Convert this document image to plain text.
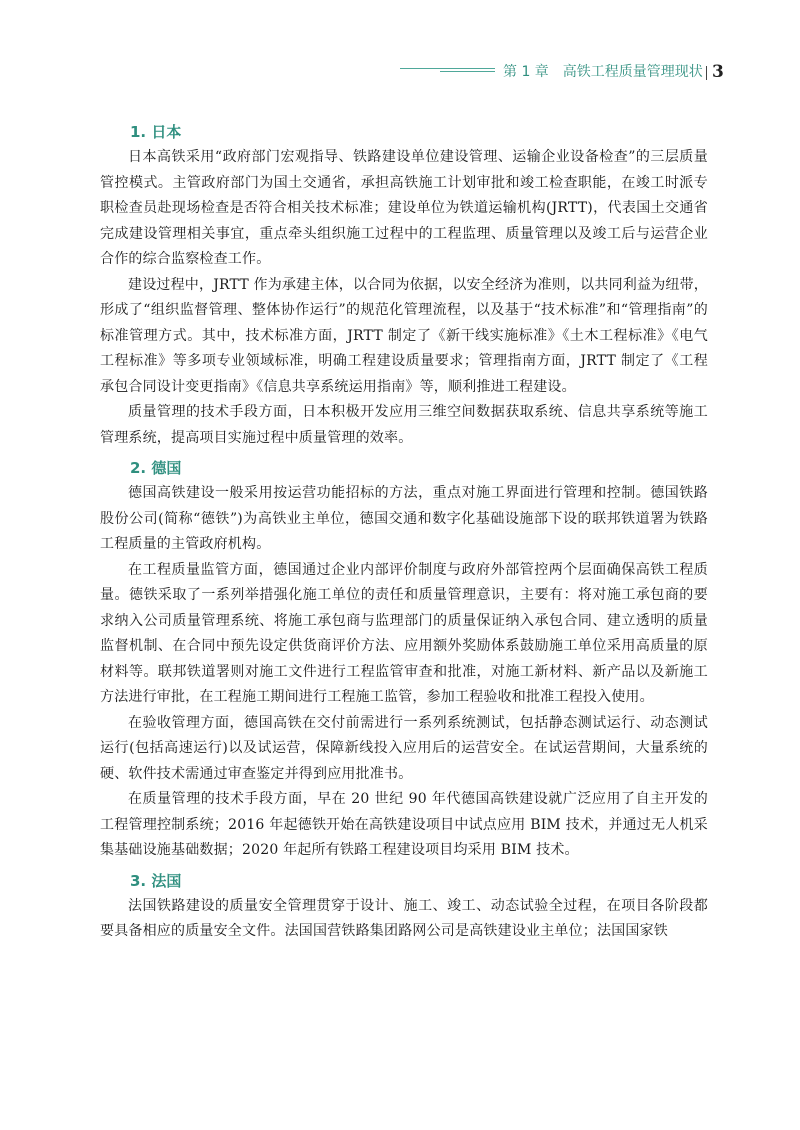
第 1 章　高铁工程质量管理现状 3
1. 日本

日本高铁采用“政府部门宏观指导、铁路建设单位建设管理、运输企业设备检查”的三层质量管控模式。主管政府部门为国土交通省，承担高铁施工计划审批和竣工检查职能，在竣工时派专职检查员赴现场检查是否符合相关技术标准；建设单位为铁道运输机构(JRTT)，代表国土交通省完成建设管理相关事宜，重点牵头组织施工过程中的工程监理、质量管理以及竣工后与运营企业合作的综合监察检查工作。

建设过程中，JRTT 作为承建主体，以合同为依据，以安全经济为准则，以共同利益为纽带，形成了“组织监督管理、整体协作运行”的规范化管理流程，以及基于“技术标准”和“管理指南”的标准管理方式。其中，技术标准方面，JRTT 制定了《新干线实施标准》《土木工程标准》《电气工程标准》等多项专业领域标准，明确工程建设质量要求；管理指南方面，JRTT 制定了《工程承包合同设计变更指南》《信息共享系统运用指南》等，顺利推进工程建设。

质量管理的技术手段方面，日本积极开发应用三维空间数据获取系统、信息共享系统等施工管理系统，提高项目实施过程中质量管理的效率。

2. 德国

德国高铁建设一般采用按运营功能招标的方法，重点对施工界面进行管理和控制。德国铁路股份公司(简称“德铁”)为高铁业主单位，德国交通和数字化基础设施部下设的联邦铁道署为铁路工程质量的主管政府机构。

在工程质量监管方面，德国通过企业内部评价制度与政府外部管控两个层面确保高铁工程质量。德铁采取了一系列举措强化施工单位的责任和质量管理意识，主要有：将对施工承包商的要求纳入公司质量管理系统、将施工承包商与监理部门的质量保证纳入承包合同、建立透明的质量监督机制、在合同中预先设定供货商评价方法、应用额外奖励体系鼓励施工单位采用高质量的原材料等。联邦铁道署则对施工文件进行工程监管审查和批准，对施工新材料、新产品以及新施工方法进行审批，在工程施工期间进行工程施工监管，参加工程验收和批准工程投入使用。

在验收管理方面，德国高铁在交付前需进行一系列系统测试，包括静态测试运行、动态测试运行(包括高速运行)以及试运营，保障新线投入应用后的运营安全。在试运营期间，大量系统的硬、软件技术需通过审查鉴定并得到应用批准书。

在质量管理的技术手段方面，早在 20 世纪 90 年代德国高铁建设就广泛应用了自主开发的工程管理控制系统；2016 年起德铁开始在高铁建设项目中试点应用 BIM 技术，并通过无人机采集基础设施基础数据；2020 年起所有铁路工程建设项目均采用 BIM 技术。

3. 法国

法国铁路建设的质量安全管理贯穿于设计、施工、竣工、动态试验全过程，在项目各阶段都要具备相应的质量安全文件。法国国营铁路集团路网公司是高铁建设业主单位；法国国家铁
